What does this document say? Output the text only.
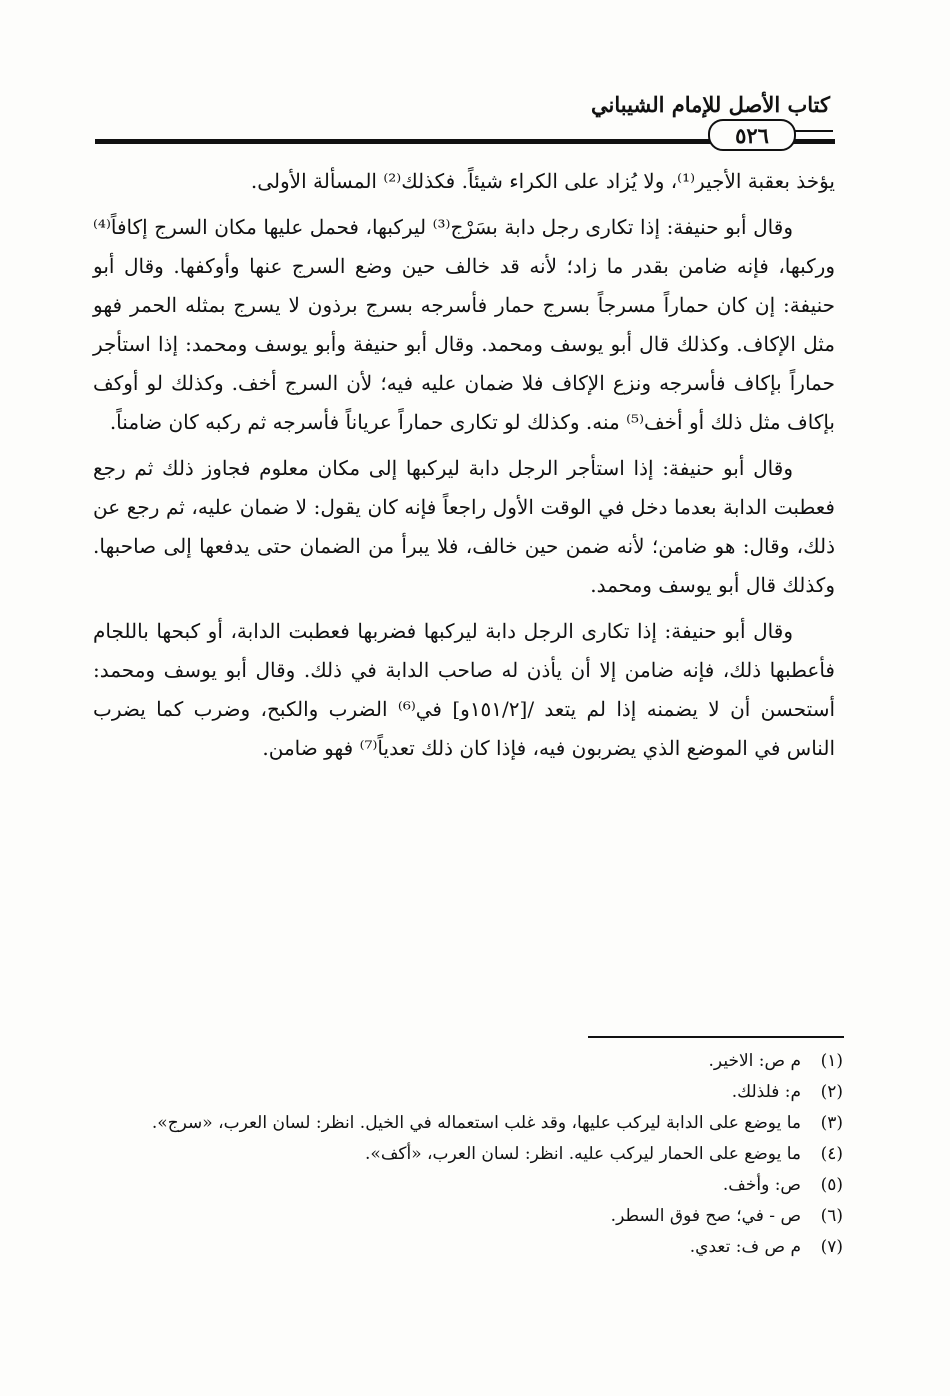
كتاب الأصل للإمام الشيباني
٥٢٦

يؤخذ بعقبة الأجير⁽¹⁾، ولا يُزاد على الكراء شيئاً. فكذلك⁽²⁾ المسألة الأولى.

وقال أبو حنيفة: إذا تكارى رجل دابة بسَرْج⁽³⁾ ليركبها، فحمل عليها مكان السرج إكافاً⁽⁴⁾ وركبها، فإنه ضامن بقدر ما زاد؛ لأنه قد خالف حين وضع السرج عنها وأوكفها. وقال أبو حنيفة: إن كان حماراً مسرجاً بسرج حمار فأسرجه بسرج برذون لا يسرج بمثله الحمر فهو مثل الإكاف. وكذلك قال أبو يوسف ومحمد. وقال أبو حنيفة وأبو يوسف ومحمد: إذا استأجر حماراً بإكاف فأسرجه ونزع الإكاف فلا ضمان عليه فيه؛ لأن السرج أخف. وكذلك لو أوكف بإكاف مثل ذلك أو أخف⁽⁵⁾ منه. وكذلك لو تكارى حماراً عرياناً فأسرجه ثم ركبه كان ضامناً.

وقال أبو حنيفة: إذا استأجر الرجل دابة ليركبها إلى مكان معلوم فجاوز ذلك ثم رجع فعطبت الدابة بعدما دخل في الوقت الأول راجعاً فإنه كان يقول: لا ضمان عليه، ثم رجع عن ذلك، وقال: هو ضامن؛ لأنه ضمن حين خالف، فلا يبرأ من الضمان حتى يدفعها إلى صاحبها. وكذلك قال أبو يوسف ومحمد.

وقال أبو حنيفة: إذا تكارى الرجل دابة ليركبها فضربها فعطبت الدابة، أو كبحها باللجام فأعطبها ذلك، فإنه ضامن إلا أن يأذن له صاحب الدابة في ذلك. وقال أبو يوسف ومحمد: أستحسن أن لا يضمنه إذا لم يتعد /[١٥١/٢و] في⁽⁶⁾ الضرب والكبح، وضرب كما يضرب الناس في الموضع الذي يضربون فيه، فإذا كان ذلك تعدياً⁽⁷⁾ فهو ضامن.

(١)
م ص: الاخير.
(٢)
م: فلذلك.
(٣)
ما يوضع على الدابة ليركب عليها، وقد غلب استعماله في الخيل. انظر: لسان العرب، «سرج».
(٤)
ما يوضع على الحمار ليركب عليه. انظر: لسان العرب، «أكف».
(٥)
ص: وأخف.
(٦)
ص - في؛ صح فوق السطر.
(٧)
م ص ف: تعدي.
